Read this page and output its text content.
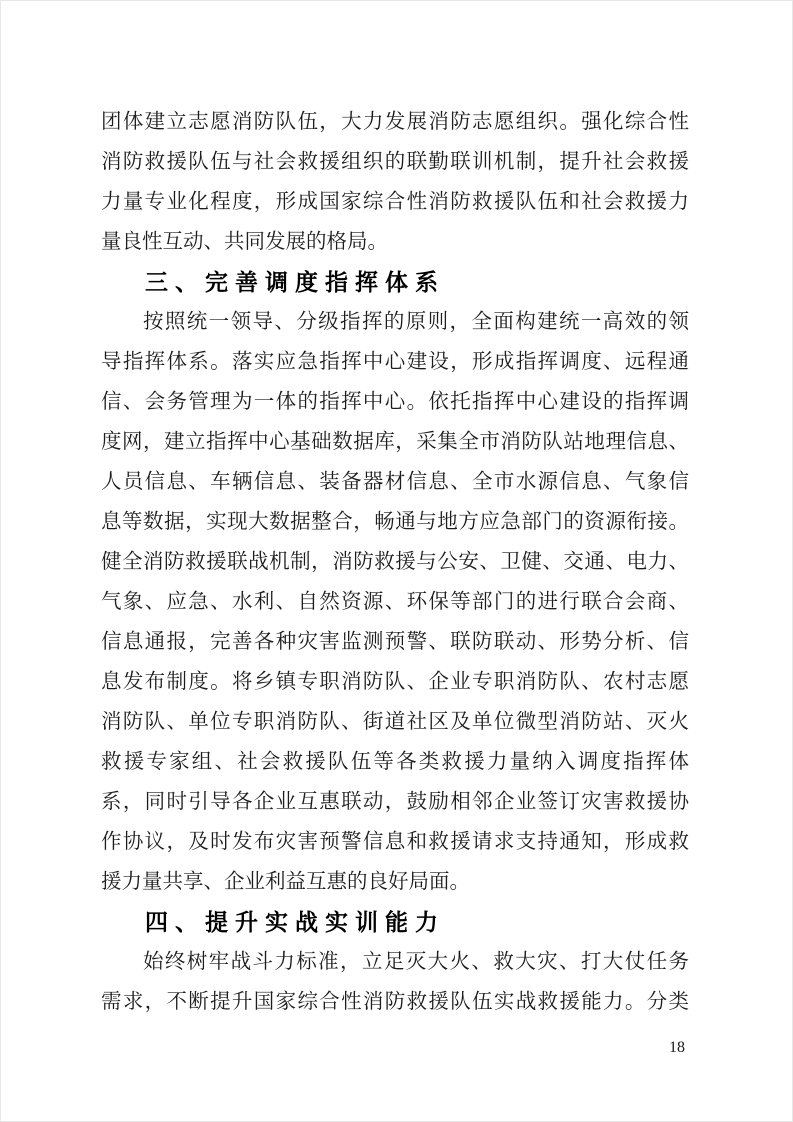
团体建立志愿消防队伍，大力发展消防志愿组织。强化综合性
消防救援队伍与社会救援组织的联勤联训机制，提升社会救援
力量专业化程度，形成国家综合性消防救援队伍和社会救援力
量良性互动、共同发展的格局。
三、完善调度指挥体系
按照统一领导、分级指挥的原则，全面构建统一高效的领
导指挥体系。落实应急指挥中心建设，形成指挥调度、远程通
信、会务管理为一体的指挥中心。依托指挥中心建设的指挥调
度网，建立指挥中心基础数据库，采集全市消防队站地理信息、
人员信息、车辆信息、装备器材信息、全市水源信息、气象信
息等数据，实现大数据整合，畅通与地方应急部门的资源衔接。
健全消防救援联战机制，消防救援与公安、卫健、交通、电力、
气象、应急、水利、自然资源、环保等部门的进行联合会商、
信息通报，完善各种灾害监测预警、联防联动、形势分析、信
息发布制度。将乡镇专职消防队、企业专职消防队、农村志愿
消防队、单位专职消防队、街道社区及单位微型消防站、灭火
救援专家组、社会救援队伍等各类救援力量纳入调度指挥体
系，同时引导各企业互惠联动，鼓励相邻企业签订灾害救援协
作协议，及时发布灾害预警信息和救援请求支持通知，形成救
援力量共享、企业利益互惠的良好局面。
四、提升实战实训能力
始终树牢战斗力标准，立足灭大火、救大灾、打大仗任务
需求，不断提升国家综合性消防救援队伍实战救援能力。分类
18
